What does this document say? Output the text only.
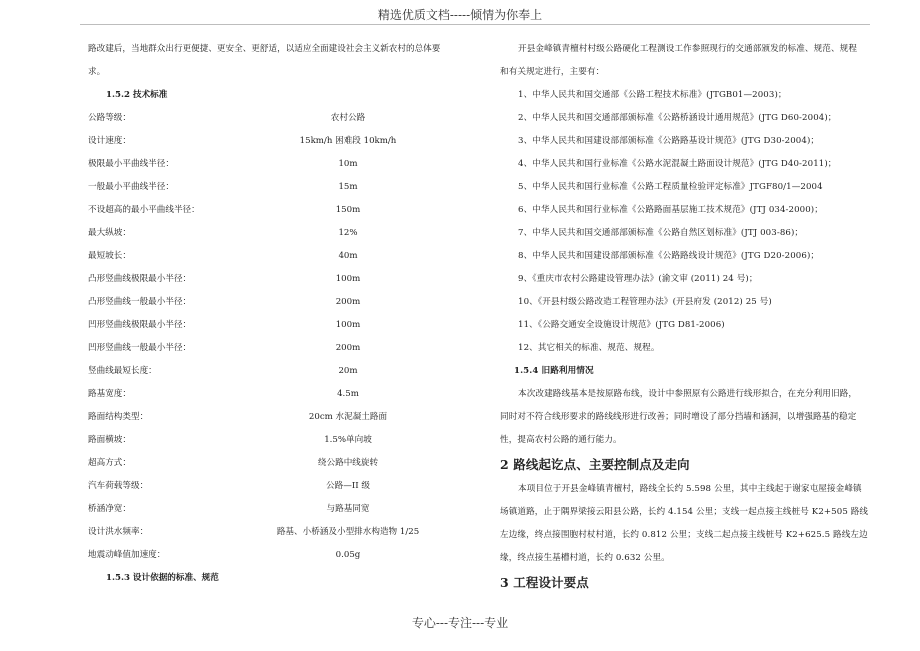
精选优质文档-----倾情为你奉上
路改建后，当地群众出行更便捷、更安全、更舒适，以适应全面建设社会主义新农村的总体要
求。
1.5.2 技术标准
公路等级：	农村公路
设计速度：	15km/h 困难段 10km/h
极限最小平曲线半径：	10m
一般最小平曲线半径：	15m
不设超高的最小平曲线半径：	150m
最大纵坡：	12%
最短坡长：	40m
凸形竖曲线极限最小半径：	100m
凸形竖曲线一般最小半径：	200m
凹形竖曲线极限最小半径：	100m
凹形竖曲线一般最小半径：	200m
竖曲线最短长度：	20m
路基宽度：	4.5m
路面结构类型：	20cm 水泥凝土路面
路面横坡：	1.5%单向坡
超高方式：	绕公路中线旋转
汽车荷载等级：	公路—II 级
桥涵净宽：	与路基同宽
设计洪水频率：	路基、小桥涵及小型排水构造物 1/25
地震动峰值加速度：	0.05g
1.5.3 设计依据的标准、规范
开县金峰镇青檀村村级公路硬化工程测设工作参照现行的交通部颁发的标准、规范、规程
和有关规定进行，主要有：
1、中华人民共和国交通部《公路工程技术标准》(JTGB01—2003)；
2、中华人民共和国交通部部颁标准《公路桥涵设计通用规范》(JTG D60-2004)；
3、中华人民共和国建设部部颁标准《公路路基设计规范》(JTG D30-2004)；
4、中华人民共和国行业标准《公路水泥混凝土路面设计规范》(JTG D40-2011)；
5、中华人民共和国行业标准《公路工程质量检验评定标准》JTGF80/1—2004
6、中华人民共和国行业标准《公路路面基层施工技术规范》(JTJ 034-2000)；
7、中华人民共和国交通部部颁标准《公路自然区划标准》(JTJ 003-86)；
8、中华人民共和国建设部部颁标准《公路路线设计规范》(JTG D20-2006)；
9、《重庆市农村公路建设管理办法》(渝文审 (2011) 24 号)；
10、《开县村级公路改造工程管理办法》(开县府发 (2012) 25 号)
11、《公路交通安全设施设计规范》(JTG D81-2006)
12、其它相关的标准、规范、规程。
1.5.4 旧路利用情况
本次改建路线基本是按原路布线，设计中参照原有公路进行线形拟合，在充分利用旧路，
同时对不符合线形要求的路线线形进行改善；同时增设了部分挡墙和涵洞，以增强路基的稳定
性，提高农村公路的通行能力。
2 路线起讫点、主要控制点及走向
本项目位于开县金峰镇青檀村，路线全长约 5.598 公里，其中主线起于谢家屯屋接金峰镇
场镇道路，止于隅界梁接云阳县公路，长约 4.154 公里；支线一起点接主线桩号 K2+505 路线
左边缘，终点接围胞村杖村道，长约 0.812 公里；支线二起点接主线桩号 K2+625.5 路线左边
缘，终点接生基槽村道，长约 0.632 公里。
3 工程设计要点
专心---专注---专业
